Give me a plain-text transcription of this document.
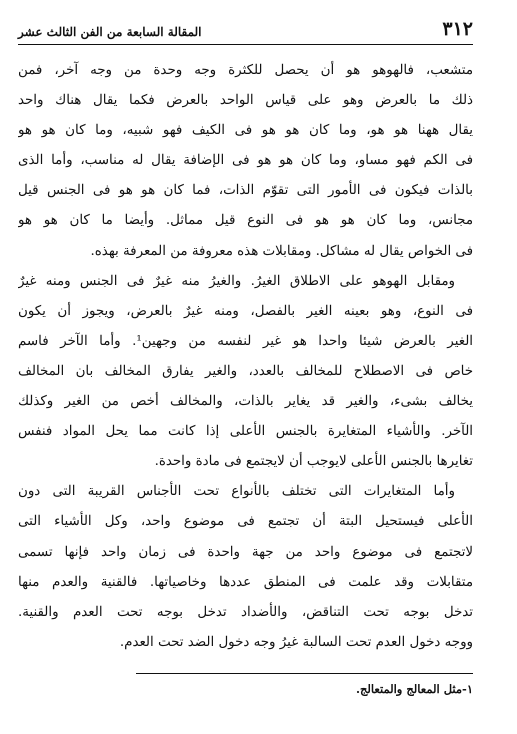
٣١٢
المقالة السابعة من الفن الثالث عشر
متشعب، فالهوهو هو أن يحصل للكثرة وجه وحدة من وجه آخر، فمن
ذلك ما بالعرض وهو على قياس الواحد بالعرض فكما يقال هناك واحد
يقال ههنا هو هو، وما كان هو هو فى الكيف فهو شبيه، وما كان هو هو
فى الكم فهو مساو، وما كان هو هو فى الإضافة يقال له مناسب، وأما الذى
بالذات فيكون فى الأمور التى تقوّم الذات، فما كان هو هو فى الجنس قيل
مجانس، وما كان هو هو فى النوع قيل مماثل. وأيضا ما كان هو هو
فى الخواص يقال له مشاكل. ومقابلات هذه معروفة من المعرفة بهذه.
ومقابل الهوهو على الاطلاق الغيرُ. والغيرُ منه غيرٌ فى الجنس ومنه غيرٌ
فى النوع، وهو بعينه الغير بالفصل، ومنه غيرٌ بالعرض، ويجوز أن يكون
الغير بالعرض شيئا واحدا هو غير لنفسه من وجهين¹. وأما الآخر فاسم
خاص فى الاصطلاح للمخالف بالعدد، والغير يفارق المخالف بان المخالف
يخالف بشىء، والغير قد يغاير بالذات، والمخالف أخص من الغير وكذلك
الآخر. والأشياء المتغايرة بالجنس الأعلى إذا كانت مما يحل المواد فنفس
تغايرها بالجنس الأعلى لايوجب أن لايجتمع فى مادة واحدة.
وأما المتغايرات التى تختلف بالأنواع تحت الأجناس القريبة التى دون
الأعلى فيستحيل البتة أن تجتمع فى موضوع واحد، وكل الأشياء التى
لاتجتمع فى موضوع واحد من جهة واحدة فى زمان واحد فإنها تسمى
متقابلات وقد علمت فى المنطق عددها وخاصياتها. فالقنية والعدم منها
تدخل بوجه تحت التناقض، والأضداد تدخل بوجه تحت العدم والقنية.
ووجه دخول العدم تحت السالبة غيرُ وجه دخول الضد تحت العدم.
١-مثل المعالج والمتعالج.
